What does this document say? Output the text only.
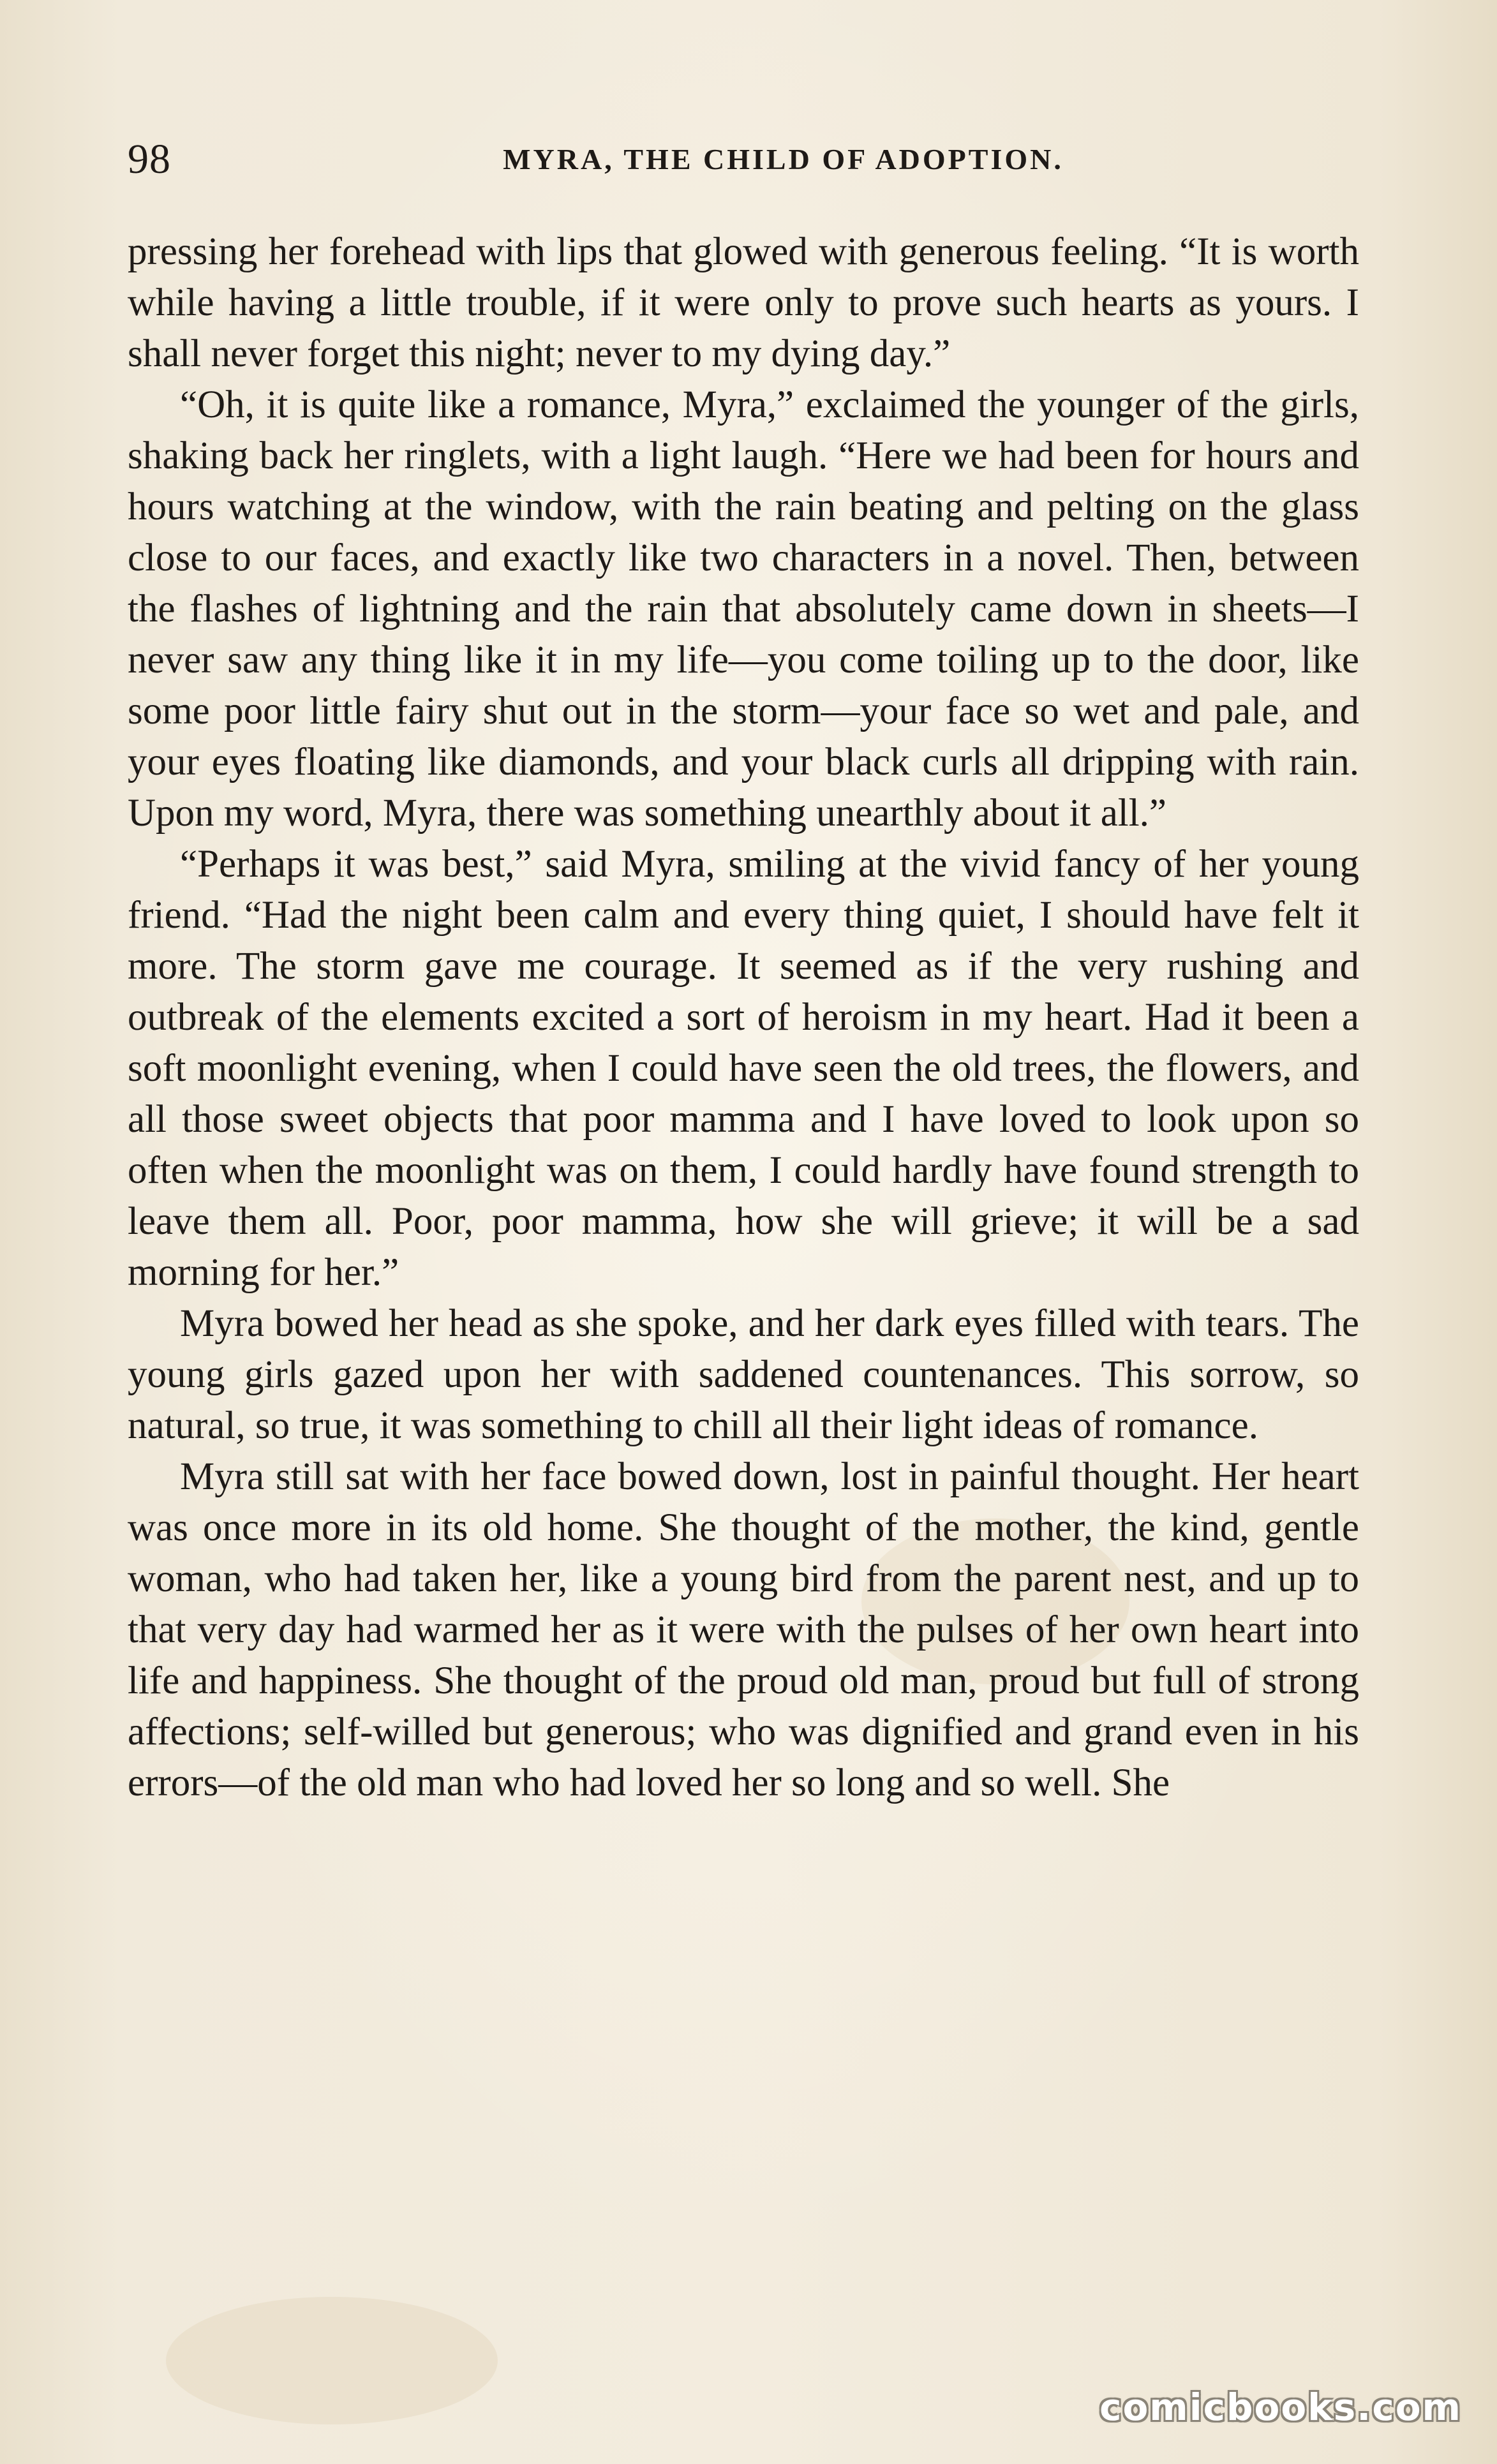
98	MYRA, THE CHILD OF ADOPTION.

pressing her forehead with lips that glowed with generous feeling. “It is worth while having a little trouble, if it were only to prove such hearts as yours. I shall never forget this night; never to my dying day.”

“Oh, it is quite like a romance, Myra,” exclaimed the younger of the girls, shaking back her ringlets, with a light laugh. “Here we had been for hours and hours watching at the window, with the rain beating and pelting on the glass close to our faces, and exactly like two characters in a novel. Then, between the flashes of lightning and the rain that absolutely came down in sheets—I never saw any thing like it in my life—you come toiling up to the door, like some poor little fairy shut out in the storm—your face so wet and pale, and your eyes floating like diamonds, and your black curls all dripping with rain. Upon my word, Myra, there was something unearthly about it all.”

“Perhaps it was best,” said Myra, smiling at the vivid fancy of her young friend. “Had the night been calm and every thing quiet, I should have felt it more. The storm gave me courage. It seemed as if the very rushing and outbreak of the elements excited a sort of heroism in my heart. Had it been a soft moonlight evening, when I could have seen the old trees, the flowers, and all those sweet objects that poor mamma and I have loved to look upon so often when the moonlight was on them, I could hardly have found strength to leave them all. Poor, poor mamma, how she will grieve; it will be a sad morning for her.”

Myra bowed her head as she spoke, and her dark eyes filled with tears. The young girls gazed upon her with saddened countenances. This sorrow, so natural, so true, it was something to chill all their light ideas of romance.

Myra still sat with her face bowed down, lost in painful thought. Her heart was once more in its old home. She thought of the mother, the kind, gentle woman, who had taken her, like a young bird from the parent nest, and up to that very day had warmed her as it were with the pulses of her own heart into life and happiness. She thought of the proud old man, proud but full of strong affections; self-willed but generous; who was dignified and grand even in his errors—of the old man who had loved her so long and so well. She

comicbooks.com
